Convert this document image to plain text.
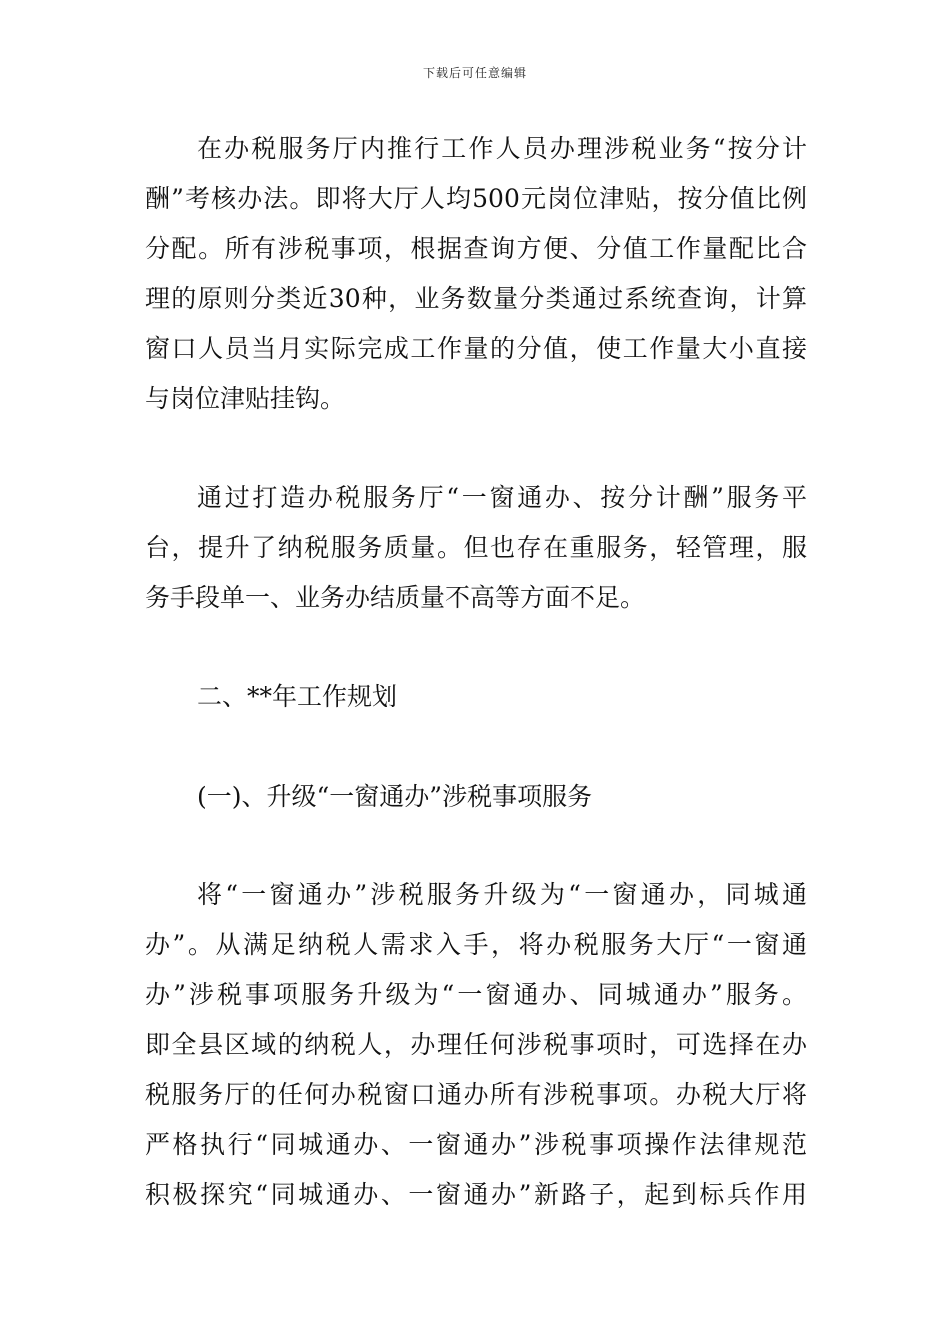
下载后可任意编辑
在办税服务厅内推行工作人员办理涉税业务“按分计
酬”考核办法。即将大厅人均500元岗位津贴，按分值比例
分配。所有涉税事项，根据查询方便、分值工作量配比合
理的原则分类近30种，业务数量分类通过系统查询，计算
窗口人员当月实际完成工作量的分值，使工作量大小直接
与岗位津贴挂钩。
通过打造办税服务厅“一窗通办、按分计酬”服务平
台，提升了纳税服务质量。但也存在重服务，轻管理，服
务手段单一、业务办结质量不高等方面不足。
二、**年工作规划
(一)、升级“一窗通办”涉税事项服务
将“一窗通办”涉税服务升级为“一窗通办，同城通
办”。从满足纳税人需求入手，将办税服务大厅“一窗通
办”涉税事项服务升级为“一窗通办、同城通办”服务。
即全县区域的纳税人，办理任何涉税事项时，可选择在办
税服务厅的任何办税窗口通办所有涉税事项。办税大厅将
严格执行“同城通办、一窗通办”涉税事项操作法律规范
积极探究“同城通办、一窗通办”新路子，起到标兵作用
